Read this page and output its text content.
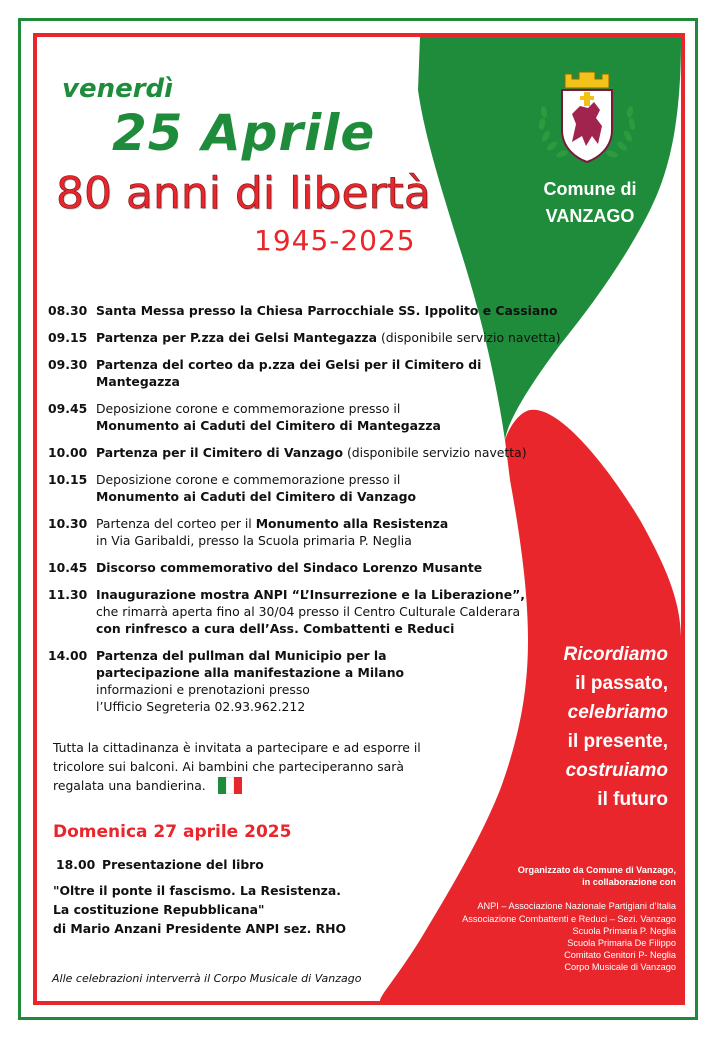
venerdì
25 Aprile
80 anni di libertà
1945-2025
Comune di
VANZAGO
08.30 Santa Messa presso la Chiesa Parrocchiale SS. Ippolito e Cassiano
09.15 Partenza per P.zza dei Gelsi Mantegazza (disponibile servizio navetta)
09.30 Partenza del corteo da p.zza dei Gelsi per il Cimitero di Mantegazza
09.45 Deposizione corone e commemorazione presso il
Monumento ai Caduti del Cimitero di Mantegazza
10.00 Partenza per il Cimitero di Vanzago (disponibile servizio navetta)
10.15 Deposizione corone e commemorazione presso il
Monumento ai Caduti del Cimitero di Vanzago
10.30 Partenza del corteo per il Monumento alla Resistenza
in Via Garibaldi, presso la Scuola primaria P. Neglia
10.45 Discorso commemorativo del Sindaco Lorenzo Musante
11.30 Inaugurazione mostra ANPI “L’Insurrezione e la Liberazione”,
che rimarrà aperta fino al 30/04 presso il Centro Culturale Calderara
con rinfresco a cura dell’Ass. Combattenti e Reduci
14.00 Partenza del pullman dal Municipio per la
partecipazione alla manifestazione a Milano
informazioni e prenotazioni presso
l’Ufficio Segreteria 02.93.962.212
Tutta la cittadinanza è invitata a partecipare e ad esporre il
tricolore sui balconi. Ai bambini che parteciperanno sarà
regalata una bandierina.
Domenica 27 aprile 2025
18.00 Presentazione del libro
"Oltre il ponte il fascismo. La Resistenza.
La costituzione Repubblicana"
di Mario Anzani Presidente ANPI sez. RHO
Alle celebrazioni interverrà il Corpo Musicale di Vanzago
Ricordiamo
il passato,
celebriamo
il presente,
costruiamo
il futuro
Organizzato da Comune di Vanzago,
in collaborazione con
ANPI – Associazione Nazionale Partigiani d’Italia
Associazione Combattenti e Reduci – Sezi. Vanzago
Scuola Primaria P. Neglia
Scuola Primaria De Filippo
Comitato Genitori P- Neglia
Corpo Musicale di Vanzago
